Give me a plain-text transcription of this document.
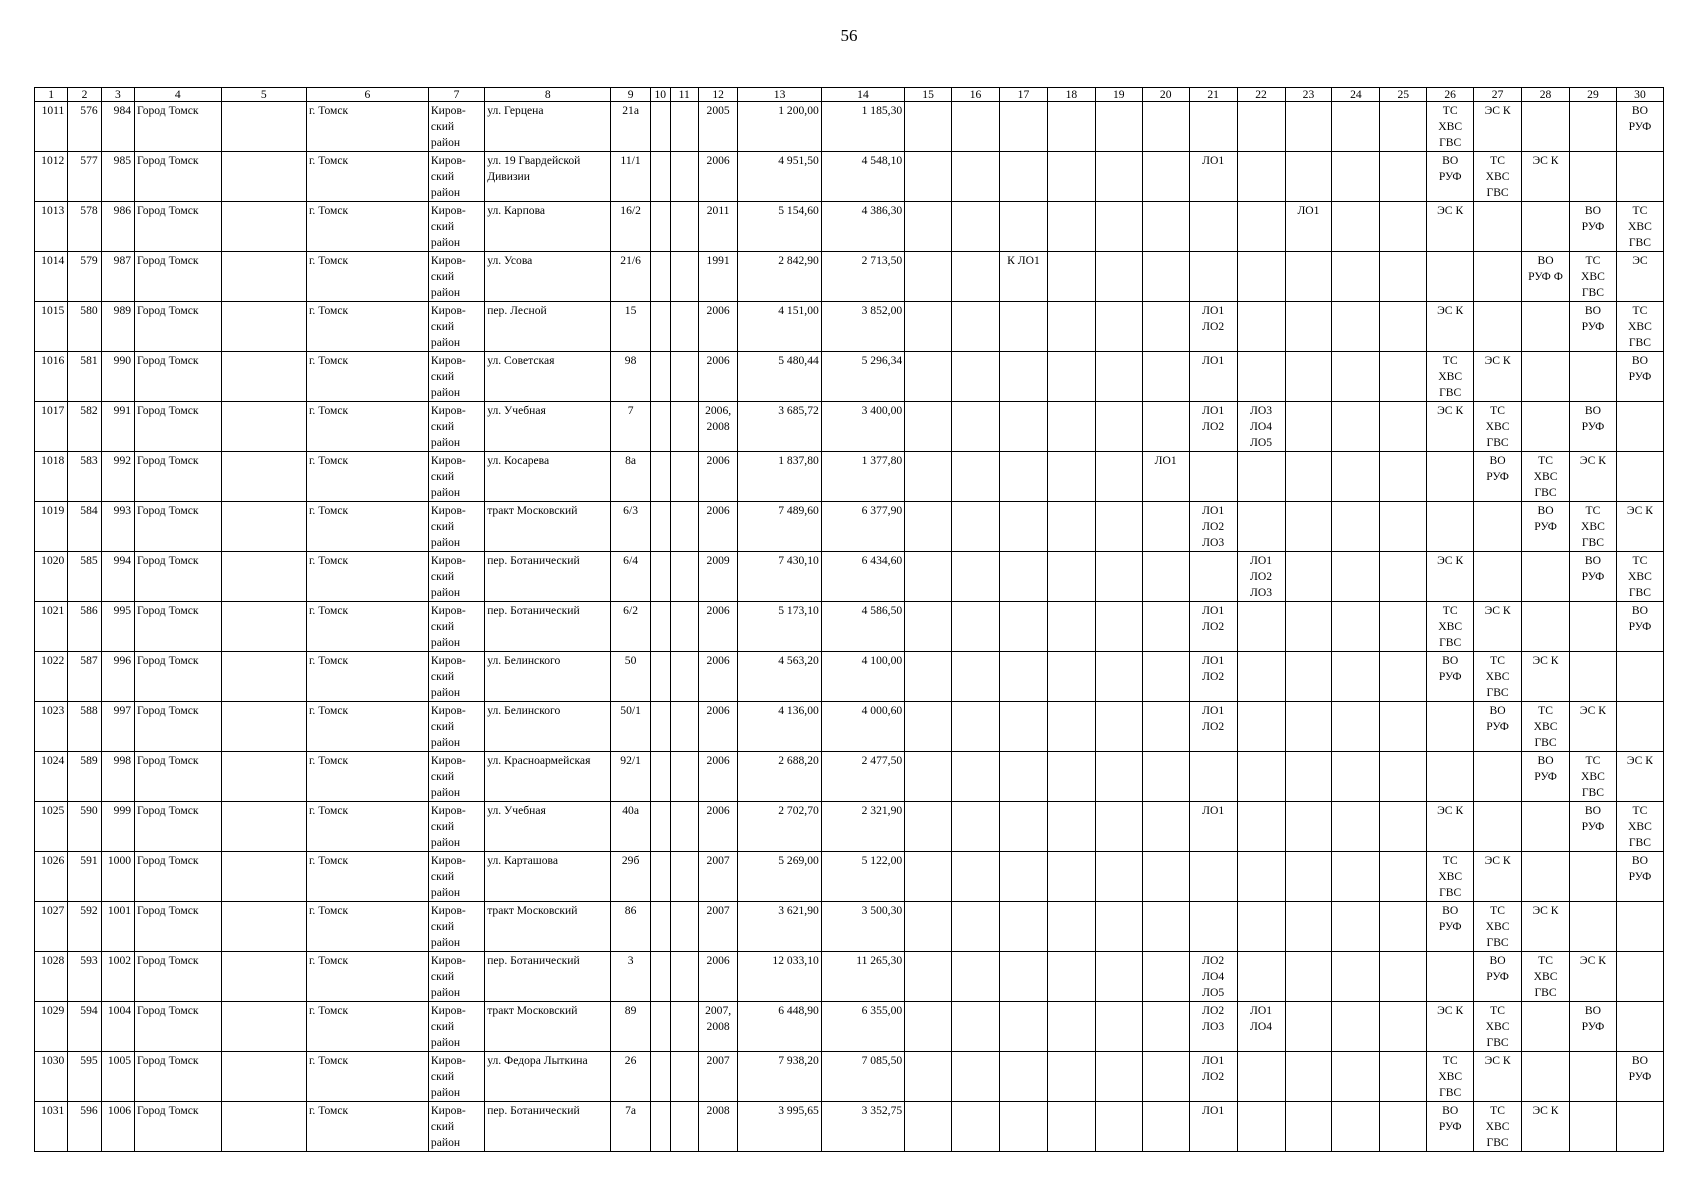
56
1	2	3	4	5	6	7	8	9	10	11	12	13	14	15	16	17	18	19	20	21	22	23	24	25	26	27	28	29	30

1011	576	984	Город Томск		г. Томск	Киров-
ский
район	ул. Герцена	21а			2005	1 200,00	1 185,30												ТС
ХВС
ГВС	ЭС К			ВО
РУФ

1012	577	985	Город Томск		г. Томск	Киров-
ский
район	ул. 19 Гвардейской
Дивизии	11/1			2006	4 951,50	4 548,10							ЛО1					ВО
РУФ	ТС
ХВС
ГВС	ЭС К		

1013	578	986	Город Томск		г. Томск	Киров-
ский
район	ул. Карпова	16/2			2011	5 154,60	4 386,30									ЛО1			ЭС К			ВО
РУФ	ТС
ХВС
ГВС

1014	579	987	Город Томск		г. Томск	Киров-
ский
район	ул. Усова	21/6			1991	2 842,90	2 713,50			К ЛО1											ВО
РУФ Ф	ТС
ХВС
ГВС	ЭС

1015	580	989	Город Томск		г. Томск	Киров-
ский
район	пер. Лесной	15			2006	4 151,00	3 852,00							ЛО1
ЛО2					ЭС К			ВО
РУФ	ТС
ХВС
ГВС

1016	581	990	Город Томск		г. Томск	Киров-
ский
район	ул. Советская	98			2006	5 480,44	5 296,34							ЛО1					ТС
ХВС
ГВС	ЭС К			ВО
РУФ

1017	582	991	Город Томск		г. Томск	Киров-
ский
район	ул. Учебная	7			2006,
2008	3 685,72	3 400,00							ЛО1
ЛО2	ЛО3
ЛО4
ЛО5				ЭС К	ТС
ХВС
ГВС		ВО
РУФ	

1018	583	992	Город Томск		г. Томск	Киров-
ский
район	ул. Косарева	8а			2006	1 837,80	1 377,80						ЛО1							ВО
РУФ	ТС
ХВС
ГВС	ЭС К	

1019	584	993	Город Томск		г. Томск	Киров-
ский
район	тракт Московский	6/3			2006	7 489,60	6 377,90							ЛО1
ЛО2
ЛО3							ВО
РУФ	ТС
ХВС
ГВС	ЭС К

1020	585	994	Город Томск		г. Томск	Киров-
ский
район	пер. Ботанический	6/4			2009	7 430,10	6 434,60								ЛО1
ЛО2
ЛО3				ЭС К			ВО
РУФ	ТС
ХВС
ГВС

1021	586	995	Город Томск		г. Томск	Киров-
ский
район	пер. Ботанический	6/2			2006	5 173,10	4 586,50							ЛО1
ЛО2					ТС
ХВС
ГВС	ЭС К			ВО
РУФ

1022	587	996	Город Томск		г. Томск	Киров-
ский
район	ул. Белинского	50			2006	4 563,20	4 100,00							ЛО1
ЛО2					ВО
РУФ	ТС
ХВС
ГВС	ЭС К		

1023	588	997	Город Томск		г. Томск	Киров-
ский
район	ул. Белинского	50/1			2006	4 136,00	4 000,60							ЛО1
ЛО2						ВО
РУФ	ТС
ХВС
ГВС	ЭС К	

1024	589	998	Город Томск		г. Томск	Киров-
ский
район	ул. Красноармейская	92/1			2006	2 688,20	2 477,50														ВО
РУФ	ТС
ХВС
ГВС	ЭС К

1025	590	999	Город Томск		г. Томск	Киров-
ский
район	ул. Учебная	40а			2006	2 702,70	2 321,90							ЛО1					ЭС К			ВО
РУФ	ТС
ХВС
ГВС

1026	591	1000	Город Томск		г. Томск	Киров-
ский
район	ул. Карташова	29б			2007	5 269,00	5 122,00												ТС
ХВС
ГВС	ЭС К			ВО
РУФ

1027	592	1001	Город Томск		г. Томск	Киров-
ский
район	тракт Московский	86			2007	3 621,90	3 500,30												ВО
РУФ	ТС
ХВС
ГВС	ЭС К		

1028	593	1002	Город Томск		г. Томск	Киров-
ский
район	пер. Ботанический	3			2006	12 033,10	11 265,30							ЛО2
ЛО4
ЛО5						ВО
РУФ	ТС
ХВС
ГВС	ЭС К	

1029	594	1004	Город Томск		г. Томск	Киров-
ский
район	тракт Московский	89			2007,
2008	6 448,90	6 355,00							ЛО2
ЛО3	ЛО1
ЛО4				ЭС К	ТС
ХВС
ГВС		ВО
РУФ	

1030	595	1005	Город Томск		г. Томск	Киров-
ский
район	ул. Федора Лыткина	26			2007	7 938,20	7 085,50							ЛО1
ЛО2					ТС
ХВС
ГВС	ЭС К			ВО
РУФ

1031	596	1006	Город Томск		г. Томск	Киров-
ский
район	пер. Ботанический	7а			2008	3 995,65	3 352,75							ЛО1					ВО
РУФ	ТС
ХВС
ГВС	ЭС К		
